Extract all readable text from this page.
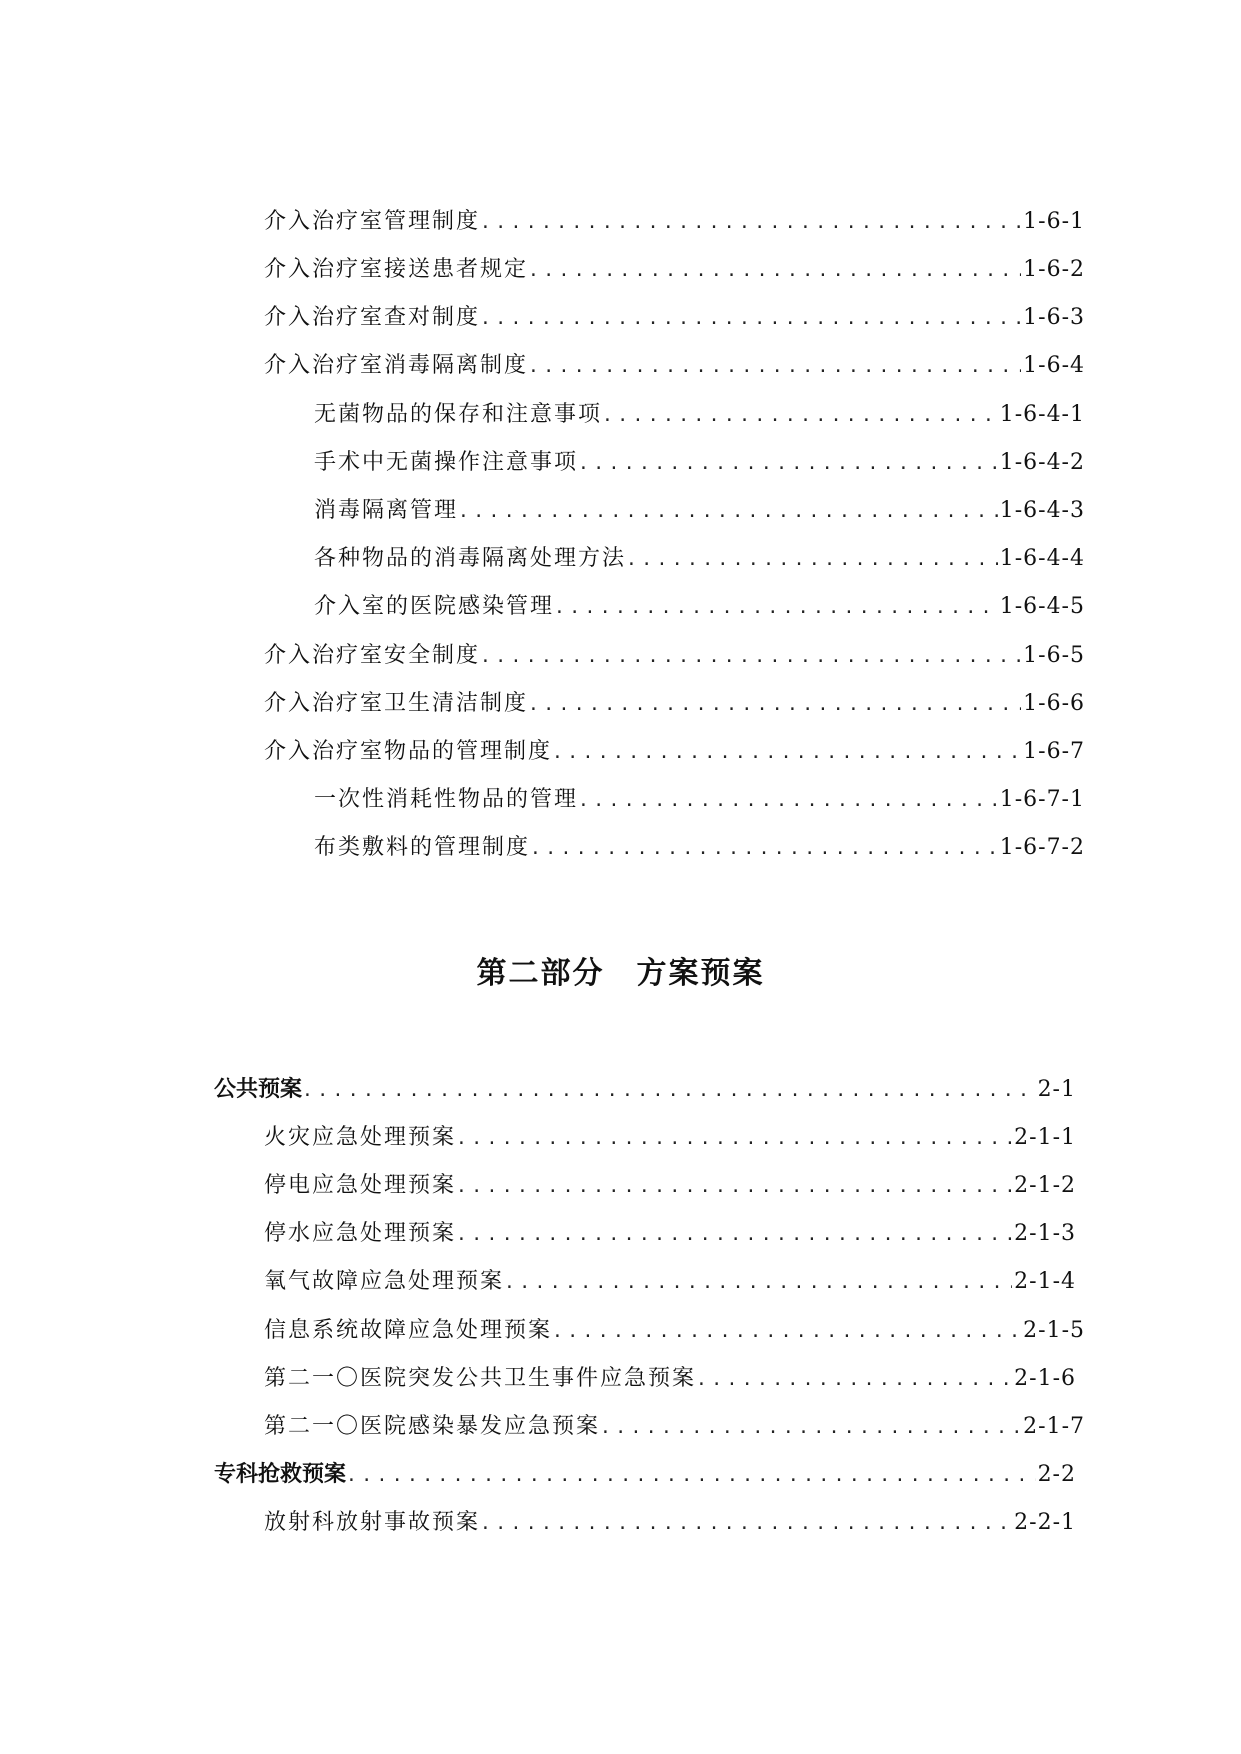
介入治疗室管理制度 .....	1-6-1
介入治疗室接送患者规定 .....	1-6-2
介入治疗室查对制度 .....	1-6-3
介入治疗室消毒隔离制度 .....	1-6-4
无菌物品的保存和注意事项 .....	1-6-4-1
手术中无菌操作注意事项 .....	1-6-4-2
消毒隔离管理 .....	1-6-4-3
各种物品的消毒隔离处理方法 .....	1-6-4-4
介入室的医院感染管理 .....	1-6-4-5
介入治疗室安全制度 .....	1-6-5
介入治疗室卫生清洁制度 .....	1-6-6
介入治疗室物品的管理制度 .....	1-6-7
一次性消耗性物品的管理 .....	1-6-7-1
布类敷料的管理制度 .....	1-6-7-2
第二部分　方案预案
公共预案 .....	2-1
火灾应急处理预案 .....	2-1-1
停电应急处理预案 .....	2-1-2
停水应急处理预案 .....	2-1-3
氧气故障应急处理预案 .....	2-1-4
信息系统故障应急处理预案 .....	2-1-5
第二一〇医院突发公共卫生事件应急预案 .....	2-1-6
第二一〇医院感染暴发应急预案 .....	2-1-7
专科抢救预案 .....	2-2
放射科放射事故预案 .....	2-2-1
